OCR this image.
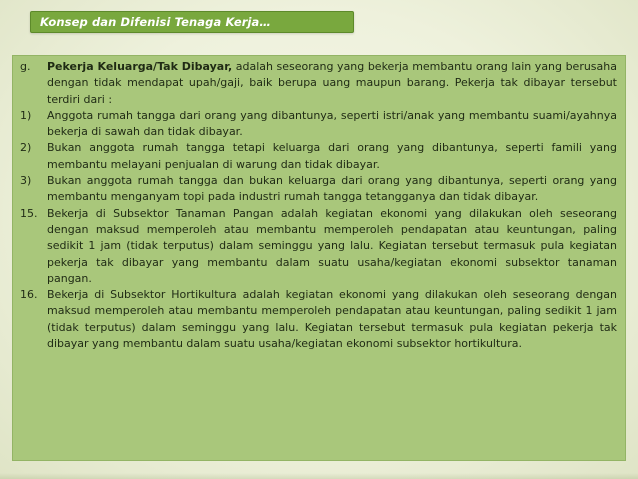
Konsep dan Difenisi Tenaga Kerja…
g.	Pekerja Keluarga/Tak Dibayar, adalah seseorang yang bekerja membantu orang lain yang berusaha dengan tidak mendapat upah/gaji, baik berupa uang maupun barang. Pekerja tak dibayar tersebut terdiri dari :
1)	Anggota rumah tangga dari orang yang dibantunya, seperti istri/anak yang membantu suami/ayahnya bekerja di sawah dan tidak dibayar.
2)	Bukan anggota rumah tangga tetapi keluarga dari orang yang dibantunya, seperti famili yang membantu melayani penjualan di warung dan tidak dibayar.
3)	Bukan anggota rumah tangga dan bukan keluarga dari orang yang dibantunya, seperti orang yang membantu menganyam topi pada industri rumah tangga tetangganya dan tidak dibayar.
15. Bekerja di Subsektor Tanaman Pangan adalah kegiatan ekonomi yang dilakukan oleh seseorang dengan maksud memperoleh atau membantu memperoleh pendapatan atau keuntungan, paling sedikit 1 jam (tidak terputus) dalam seminggu yang lalu. Kegiatan tersebut termasuk pula kegiatan pekerja tak dibayar yang membantu dalam suatu usaha/kegiatan ekonomi subsektor tanaman pangan.
16. Bekerja di Subsektor Hortikultura adalah kegiatan ekonomi yang dilakukan oleh seseorang dengan maksud memperoleh atau membantu memperoleh pendapatan atau keuntungan, paling sedikit 1 jam (tidak terputus) dalam seminggu yang lalu. Kegiatan tersebut termasuk pula kegiatan pekerja tak dibayar yang membantu dalam suatu usaha/kegiatan ekonomi subsektor hortikultura.
